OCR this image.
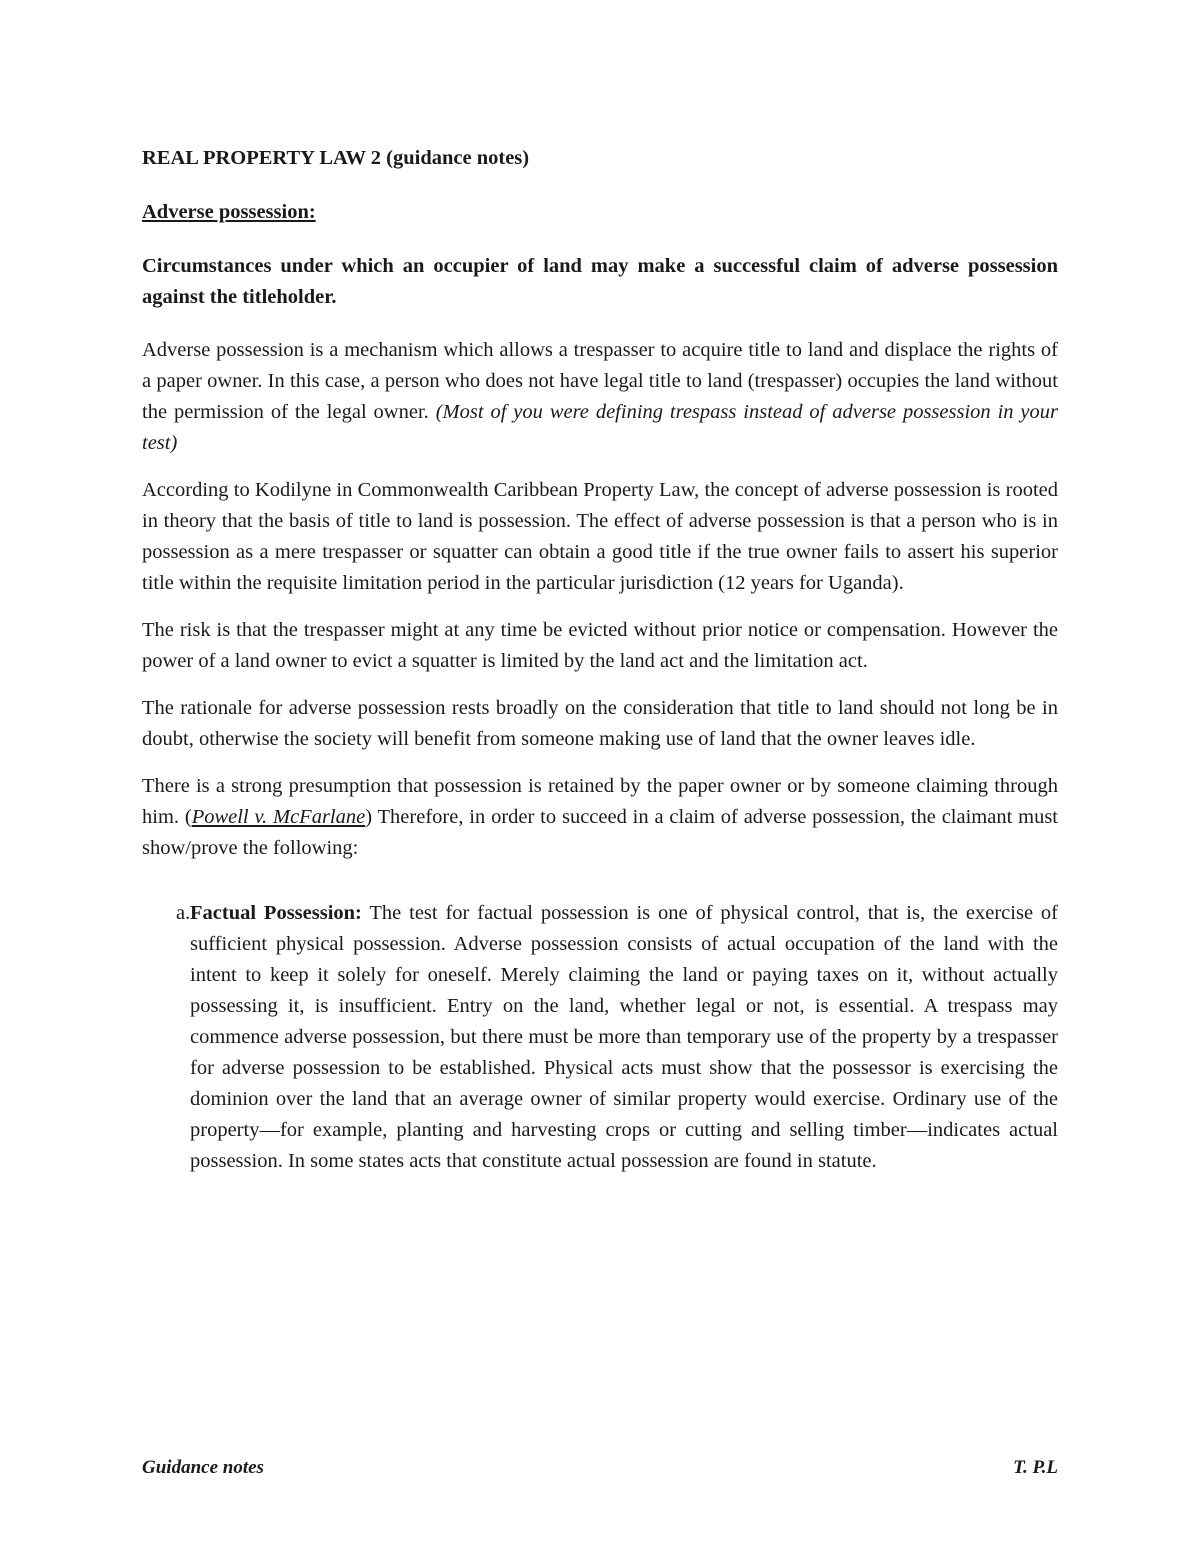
REAL PROPERTY LAW 2 (guidance notes)
Adverse possession:
Circumstances under which an occupier of land may make a successful claim of adverse possession against the titleholder.

Adverse possession is a mechanism which allows a trespasser to acquire title to land and displace the rights of a paper owner. In this case, a person who does not have legal title to land (trespasser) occupies the land without the permission of the legal owner. (Most of you were defining trespass instead of adverse possession in your test)

According to Kodilyne in Commonwealth Caribbean Property Law, the concept of adverse possession is rooted in theory that the basis of title to land is possession. The effect of adverse possession is that a person who is in possession as a mere trespasser or squatter can obtain a good title if the true owner fails to assert his superior title within the requisite limitation period in the particular jurisdiction (12 years for Uganda).

The risk is that the trespasser might at any time be evicted without prior notice or compensation. However the power of a land owner to evict a squatter is limited by the land act and the limitation act.

The rationale for adverse possession rests broadly on the consideration that title to land should not long be in doubt, otherwise the society will benefit from someone making use of land that the owner leaves idle.

There is a strong presumption that possession is retained by the paper owner or by someone claiming through him. (Powell v. McFarlane) Therefore, in order to succeed in a claim of adverse possession, the claimant must show/prove the following:

a. Factual Possession: The test for factual possession is one of physical control, that is, the exercise of sufficient physical possession. Adverse possession consists of actual occupation of the land with the intent to keep it solely for oneself. Merely claiming the land or paying taxes on it, without actually possessing it, is insufficient. Entry on the land, whether legal or not, is essential. A trespass may commence adverse possession, but there must be more than temporary use of the property by a trespasser for adverse possession to be established. Physical acts must show that the possessor is exercising the dominion over the land that an average owner of similar property would exercise. Ordinary use of the property—for example, planting and harvesting crops or cutting and selling timber—indicates actual possession. In some states acts that constitute actual possession are found in statute.
Guidance notes	T. P.L
